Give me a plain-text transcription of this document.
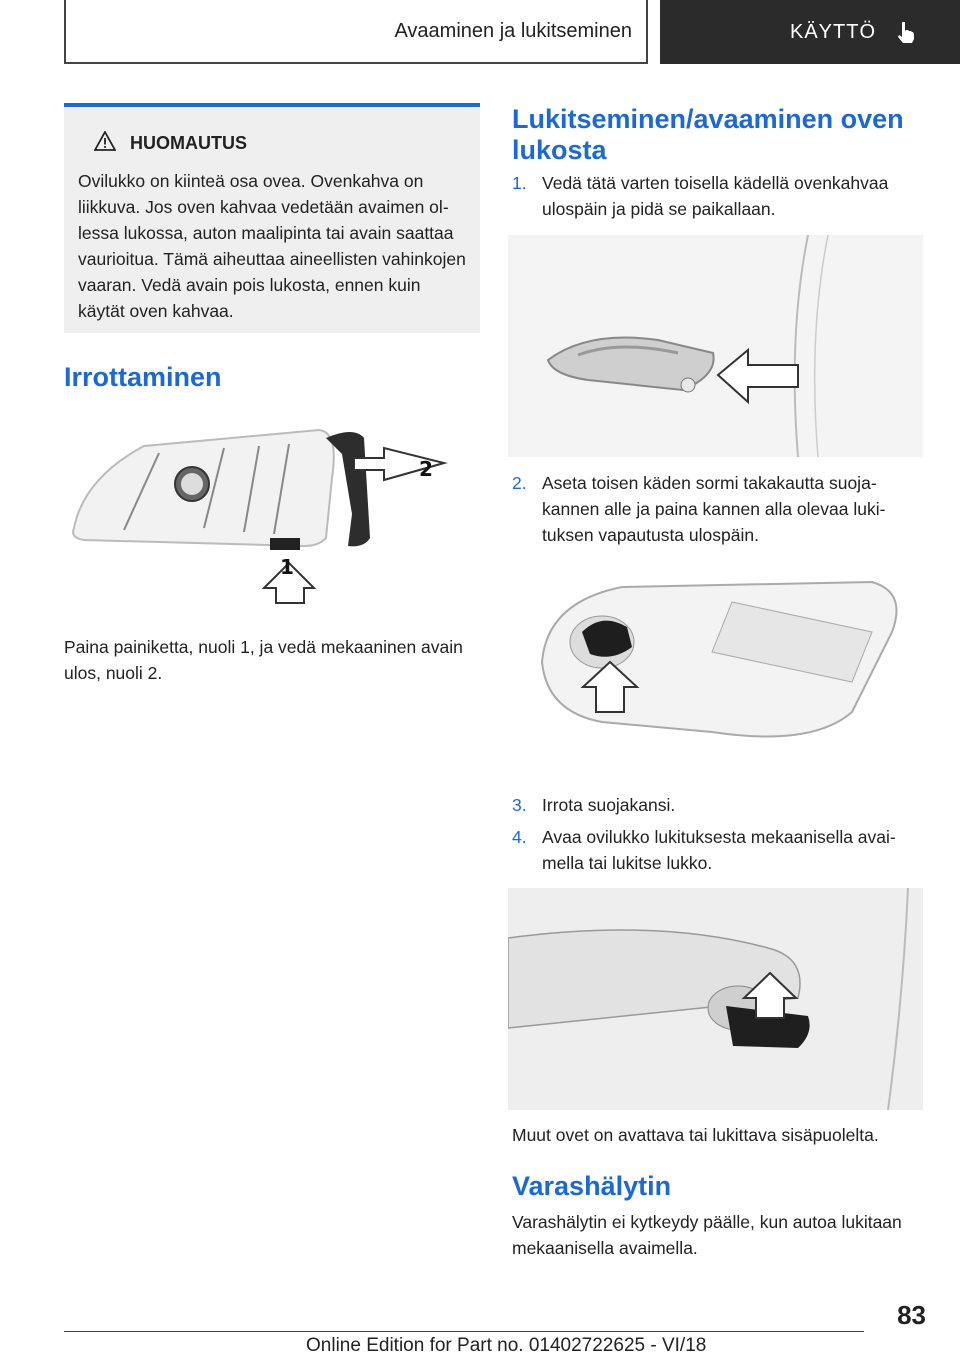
Avaaminen ja lukitseminen	KÄYTTÖ
HUOMAUTUS
Ovilukko on kiinteä osa ovea. Ovenkahva on liikkuva. Jos oven kahvaa vedetään avaimen ollessa lukossa, auton maalipinta tai avain saattaa vaurioitua. Tämä aiheuttaa aineellisten vahinkojen vaaran. Vedä avain pois lukosta, ennen kuin käytät oven kahvaa.
Irrottaminen
1
2
Paina painiketta, nuoli 1, ja vedä mekaaninen avain ulos, nuoli 2.
Lukitseminen/avaaminen oven lukosta
1. Vedä tätä varten toisella kädellä ovenkahvaa ulospäin ja pidä se paikallaan.
2. Aseta toisen käden sormi takakautta suojakannen alle ja paina kannen alla olevaa lukituksen vapautusta ulospäin.
3. Irrota suojakansi.
4. Avaa ovilukko lukituksesta mekaanisella avaimella tai lukitse lukko.
Muut ovet on avattava tai lukittava sisäpuolelta.
Varashälytin
Varashälytin ei kytkeydy päälle, kun autoa lukitaan mekaanisella avaimella.
83
Online Edition for Part no. 01402722625 - VI/18
